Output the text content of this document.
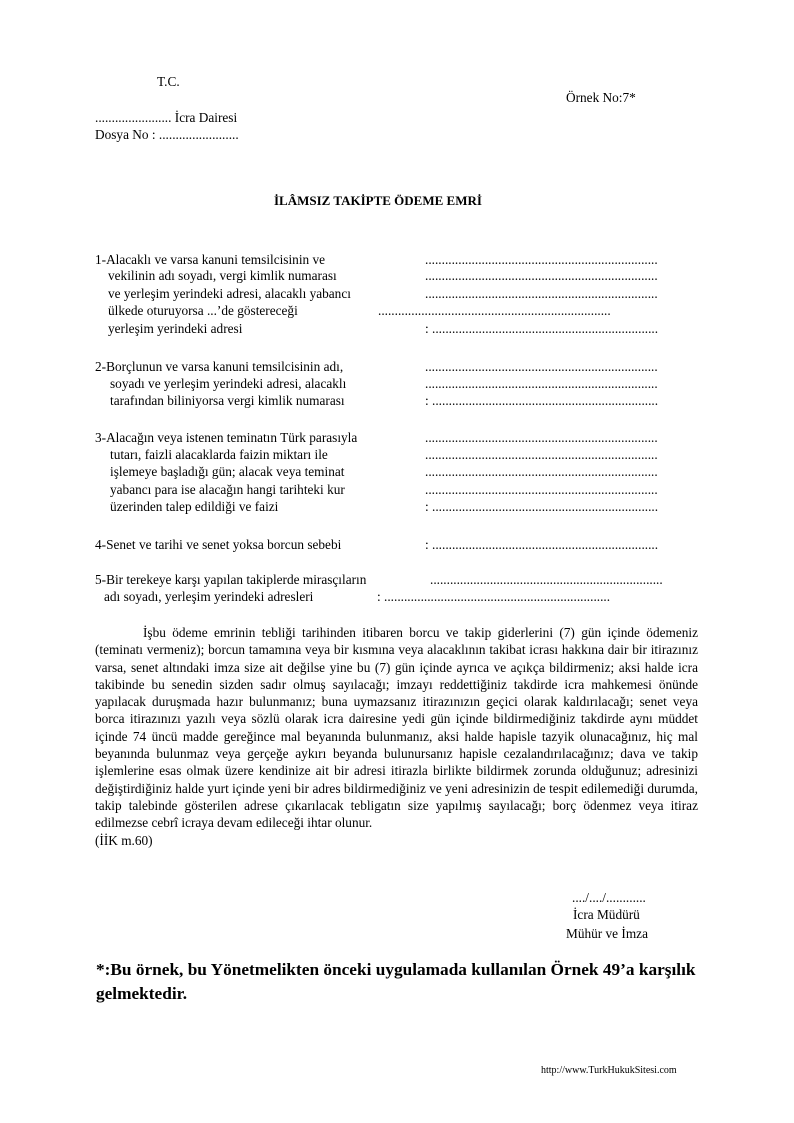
T.C.
Örnek No:7*
....................... İcra Dairesi
Dosya No : ........................
İLÂMSIZ TAKİPTE ÖDEME EMRİ
1-Alacaklı ve varsa kanuni temsilcisinin ve
vekilinin adı soyadı, vergi kimlik numarası
ve yerleşim yerindeki adresi, alacaklı yabancı
ülkede oturuyorsa ...’de göstereceği
yerleşim yerindeki adresi
......................................................................
......................................................................
......................................................................
......................................................................
: ....................................................................
2-Borçlunun ve varsa kanuni temsilcisinin adı,
soyadı ve yerleşim yerindeki adresi, alacaklı
tarafından biliniyorsa vergi kimlik numarası
......................................................................
......................................................................
: ....................................................................
3-Alacağın veya istenen teminatın Türk parasıyla
tutarı, faizli alacaklarda faizin miktarı ile
işlemeye başladığı gün; alacak veya teminat
yabancı para ise alacağın hangi tarihteki kur
üzerinden talep edildiği ve faizi
......................................................................
......................................................................
......................................................................
......................................................................
: ....................................................................
4-Senet ve tarihi ve senet yoksa borcun sebebi	: ....................................................................
5-Bir terekeye karşı yapılan takiplerde mirasçıların
adı soyadı, yerleşim yerindeki adresleri
......................................................................
: ....................................................................

İşbu ödeme emrinin tebliği tarihinden itibaren borcu ve takip giderlerini (7) gün içinde ödemeniz (teminatı vermeniz); borcun tamamına veya bir kısmına veya alacaklının takibat icrası hakkına dair bir itirazınız varsa, senet altındaki imza size ait değilse yine bu (7) gün içinde ayrıca ve açıkça bildirmeniz; aksi halde icra takibinde bu senedin sizden sadır olmuş sayılacağı; imzayı reddettiğiniz takdirde icra mahkemesi önünde yapılacak duruşmada hazır bulunmanız; buna uymazsanız itirazınızın geçici olarak kaldırılacağı; senet veya borca itirazınızı yazılı veya sözlü olarak icra dairesine yedi gün içinde bildirmediğiniz takdirde aynı müddet içinde 74 üncü madde gereğince mal beyanında bulunmanız, aksi halde hapisle tazyik olunacağınız, hiç mal beyanında bulunmaz veya gerçeğe aykırı beyanda bulunursanız hapisle cezalandırılacağınız; dava ve takip işlemlerine esas olmak üzere kendinize ait bir adresi itirazla birlikte bildirmek zorunda olduğunuz; adresinizi değiştirdiğiniz halde yurt içinde yeni bir adres bildirmediğiniz ve yeni adresinizin de tespit edilemediği durumda, takip talebinde gösterilen adrese çıkarılacak tebligatın size yapılmış sayılacağı; borç ödenmez veya itiraz edilmezse cebrî icraya devam edileceği ihtar olunur.

(İİK m.60)
..../..../............
İcra Müdürü
Mühür ve İmza
*:Bu örnek, bu Yönetmelikten önceki uygulamada kullanılan Örnek 49’a karşılık gelmektedir.
http://www.TurkHukukSitesi.com
